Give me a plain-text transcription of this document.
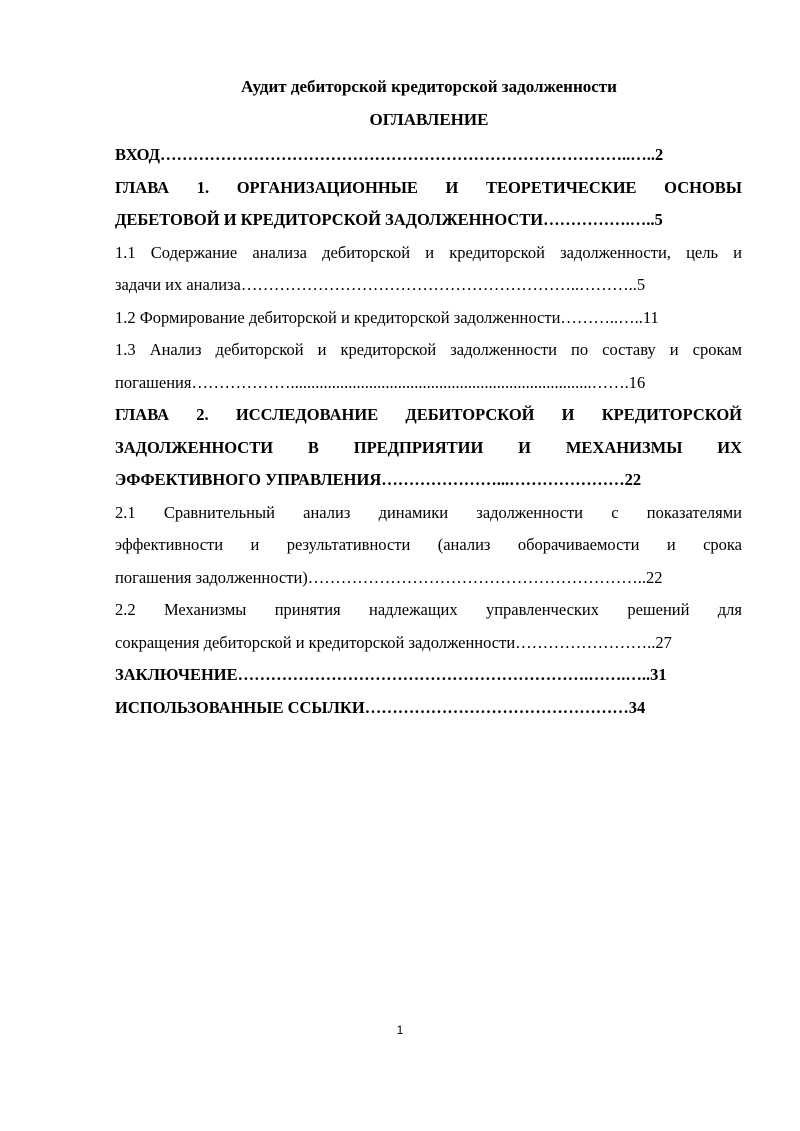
Аудит дебиторской кредиторской задолженности
ОГЛАВЛЕНИЕ
ВХОД…………………………………………………………………………..…..2
ГЛАВА 1. ОРГАНИЗАЦИОННЫЕ И ТЕОРЕТИЧЕСКИЕ ОСНОВЫ
ДЕБЕТОВОЙ И КРЕДИТОРСКОЙ ЗАДОЛЖЕННОСТИ…………….…..5
1.1 Содержание анализа дебиторской и кредиторской задолженности, цель и
задачи их анализа……………………………………………………..………..5
1.2 Формирование дебиторской и кредиторской задолженности………..…..11
1.3 Анализ дебиторской и кредиторской задолженности по составу и срокам
погашения……………….........................................................................…….16
ГЛАВА 2. ИССЛЕДОВАНИЕ ДЕБИТОРСКОЙ И КРЕДИТОРСКОЙ
ЗАДОЛЖЕННОСТИ В ПРЕДПРИЯТИИ И МЕХАНИЗМЫ ИХ
ЭФФЕКТИВНОГО УПРАВЛЕНИЯ…………………...…………………22
2.1 Сравнительный анализ динамики задолженности с показателями
эффективности и результативности (анализ оборачиваемости и срока
погашения задолженности)……………………………………………………..22
2.2 Механизмы принятия надлежащих управленческих решений для
сокращения дебиторской и кредиторской задолженности……………………..27
ЗАКЛЮЧЕНИЕ……………………………………………………….…….…..31
ИСПОЛЬЗОВАННЫЕ ССЫЛКИ…………………………………………34
1
